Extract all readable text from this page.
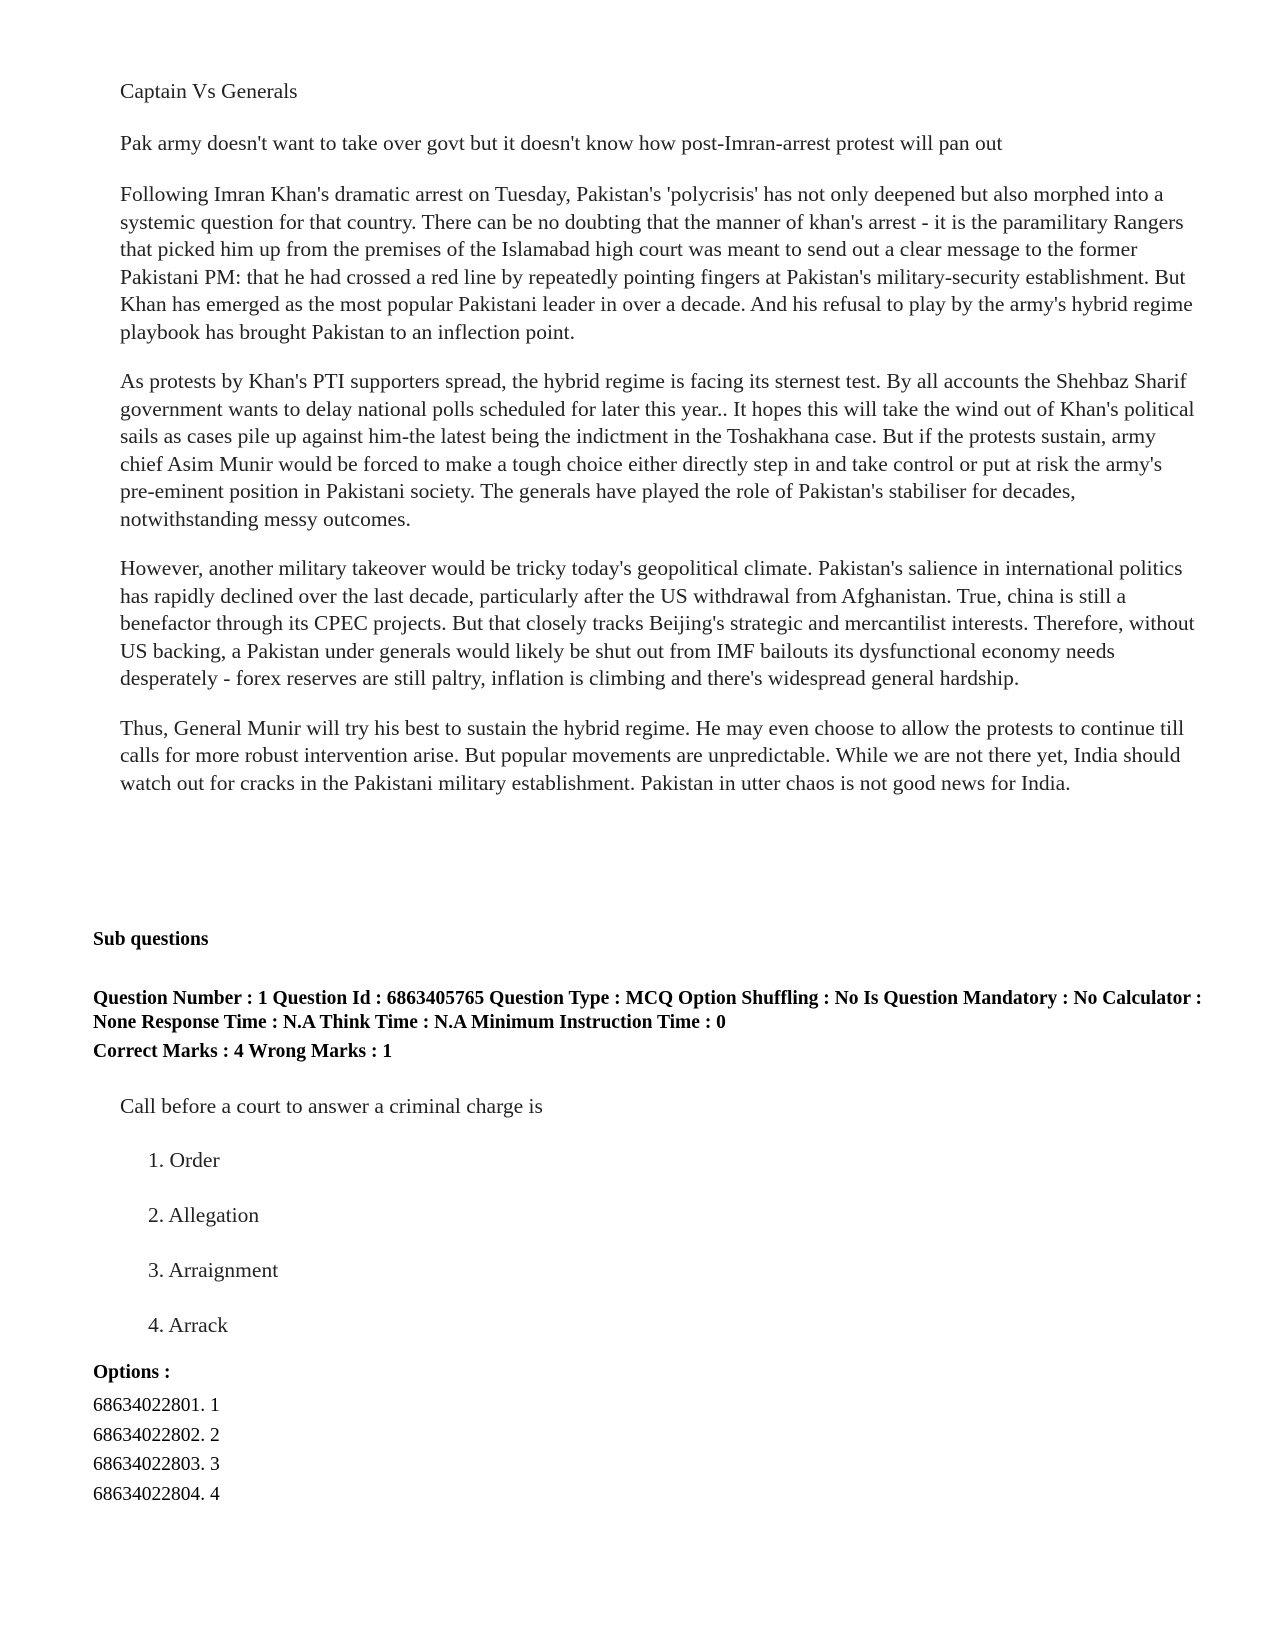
Captain Vs Generals

Pak army doesn't want to take over govt but it doesn't know how post-Imran-arrest protest will pan out

Following Imran Khan's dramatic arrest on Tuesday, Pakistan's 'polycrisis' has not only deepened but also morphed into a systemic question for that country. There can be no doubting that the manner of khan's arrest - it is the paramilitary Rangers that picked him up from the premises of the Islamabad high court was meant to send out a clear message to the former Pakistani PM: that he had crossed a red line by repeatedly pointing fingers at Pakistan's military-security establishment. But Khan has emerged as the most popular Pakistani leader in over a decade. And his refusal to play by the army's hybrid regime playbook has brought Pakistan to an inflection point.

As protests by Khan's PTI supporters spread, the hybrid regime is facing its sternest test. By all accounts the Shehbaz Sharif government wants to delay national polls scheduled for later this year.. It hopes this will take the wind out of Khan's political sails as cases pile up against him-the latest being the indictment in the Toshakhana case. But if the protests sustain, army chief Asim Munir would be forced to make a tough choice either directly step in and take control or put at risk the army's pre-eminent position in Pakistani society. The generals have played the role of Pakistan's stabiliser for decades, notwithstanding messy outcomes.

However, another military takeover would be tricky today's geopolitical climate. Pakistan's salience in international politics has rapidly declined over the last decade, particularly after the US withdrawal from Afghanistan. True, china is still a benefactor through its CPEC projects. But that closely tracks Beijing's strategic and mercantilist interests. Therefore, without US backing, a Pakistan under generals would likely be shut out from IMF bailouts its dysfunctional economy needs desperately - forex reserves are still paltry, inflation is climbing and there's widespread general hardship.

Thus, General Munir will try his best to sustain the hybrid regime. He may even choose to allow the protests to continue till calls for more robust intervention arise. But popular movements are unpredictable. While we are not there yet, India should watch out for cracks in the Pakistani military establishment. Pakistan in utter chaos is not good news for India.

Sub questions
Question Number : 1 Question Id : 6863405765 Question Type : MCQ Option Shuffling : No Is Question Mandatory : No Calculator : None Response Time : N.A Think Time : N.A Minimum Instruction Time : 0
Correct Marks : 4 Wrong Marks : 1
Call before a court to answer a criminal charge is
1. Order
2. Allegation
3. Arraignment
4. Arrack
Options :
68634022801. 1
68634022802. 2
68634022803. 3
68634022804. 4
